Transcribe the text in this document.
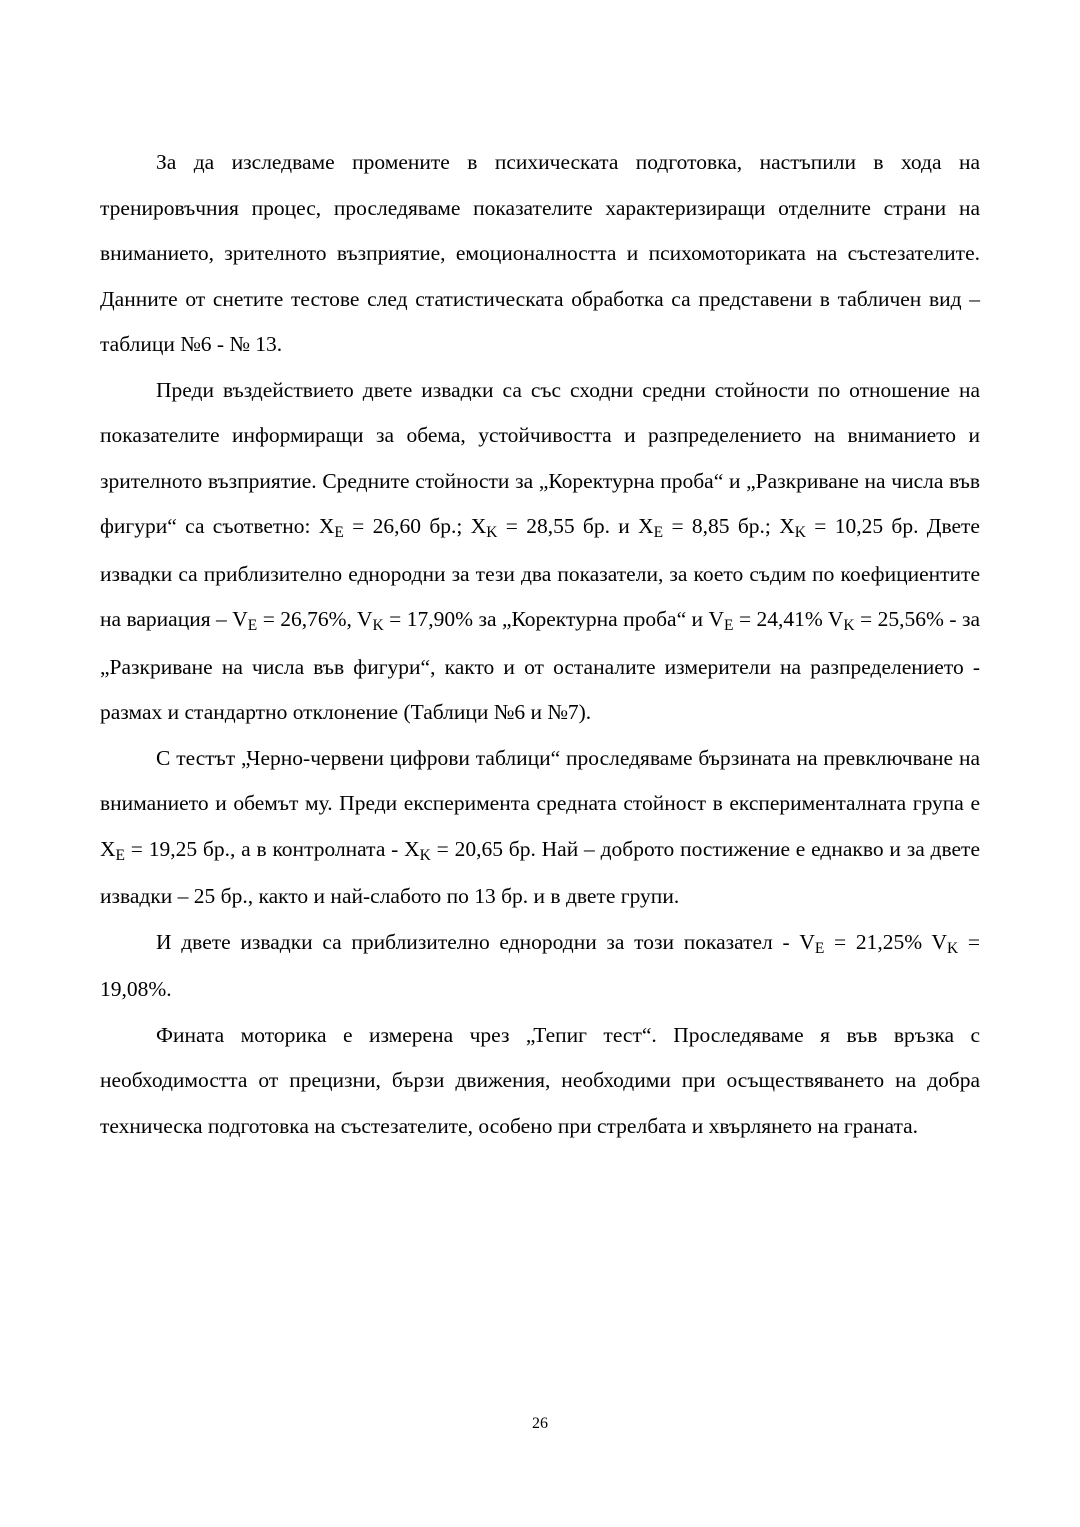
За да изследваме промените в психическата подготовка, настъпили в хода на тренировъчния процес, проследяваме показателите характеризиращи отделните страни на вниманието, зрителното възприятие, емоционалността и психомоториката на състезателите. Данните от снетите тестове след статистическата обработка са представени в табличен вид – таблици №6 - № 13.

Преди въздействието двете извадки са със сходни средни стойности по отношение на показателите информиращи за обема, устойчивостта и разпределението на вниманието и зрителното възприятие. Средните стойности за „Коректурна проба“ и „Разкриване на числа във фигури“ са съответно: $X_E = 26,60$ бр.; $X_K = 28,55$ бр. и $X_E = 8,85$ бр.; $X_K = 10,25$ бр. Двете извадки са приблизително еднородни за тези два показатели, за което съдим по коефициентите на вариация – $V_E = 26,76\%$, $V_K = 17,90\%$ за „Коректурна проба“ и $V_E = 24,41\%$ $V_K = 25,56\%$ - за „Разкриване на числа във фигури“, както и от останалите измерители на разпределението - размах и стандартно отклонение (Таблици №6 и №7).

С тестът „Черно-червени цифрови таблици“ проследяваме бързината на превключване на вниманието и обемът му. Преди експеримента средната стойност в експерименталната група е $X_E = 19,25$ бр., а в контролната - $X_K = 20,65$ бр. Най – доброто постижение е еднакво и за двете извадки – 25 бр., както и най-слабото по 13 бр. и в двете групи.

И двете извадки са приблизително еднородни за този показател - $V_E = 21,25\%$ $V_K = 19,08\%$.

Фината моторика е измерена чрез „Тепиг тест“. Проследяваме я във връзка с необходимостта от прецизни, бързи движения, необходими при осъществяването на добра техническа подготовка на състезателите, особено при стрелбата и хвърлянето на граната.

26
